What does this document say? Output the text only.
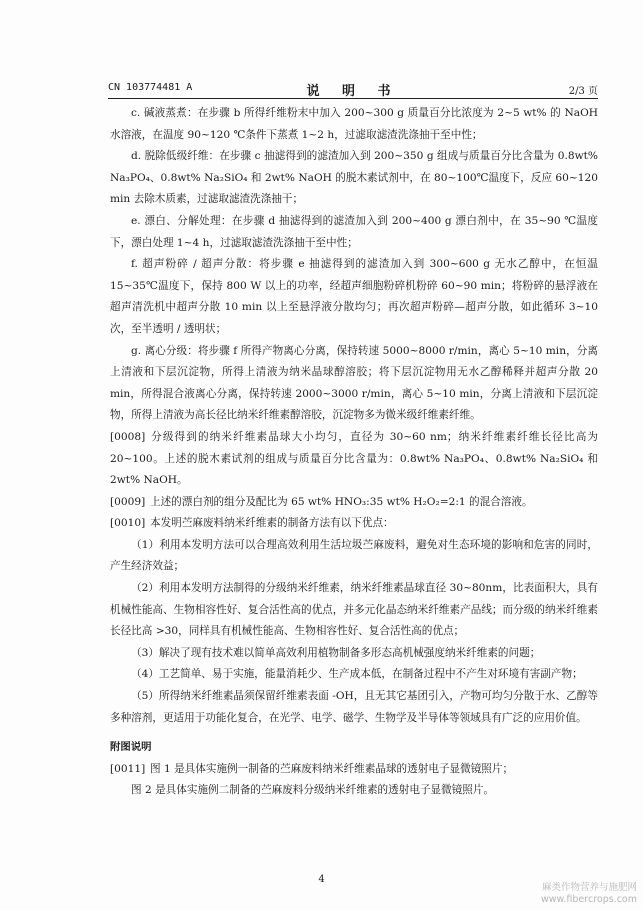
CN 103774481 A	说 明 书	2/3 页

c. 碱液蒸煮：在步骤 b 所得纤维粉末中加入 200~300 g 质量百分比浓度为 2~5 wt% 的 NaOH 水溶液，在温度 90~120 ℃条件下蒸煮 1~2 h，过滤取滤渣洗涤抽干至中性；

d. 脱除低级纤维：在步骤 c 抽滤得到的滤渣加入到 200~350 g 组成与质量百分比含量为 0.8wt% Na₃PO₄、0.8wt% Na₂SiO₄ 和 2wt% NaOH 的脱木素试剂中，在 80~100℃温度下，反应 60~120 min 去除木质素，过滤取滤渣洗涤抽干；

e. 漂白、分解处理：在步骤 d 抽滤得到的滤渣加入到 200~400 g 漂白剂中，在 35~90 ℃温度下，漂白处理 1~4 h，过滤取滤渣洗涤抽干至中性；

f. 超声粉碎 / 超声分散：将步骤 e 抽滤得到的滤渣加入到 300~600 g 无水乙醇中，在恒温 15~35℃温度下，保持 800 W 以上的功率，经超声细胞粉碎机粉碎 60~90 min；将粉碎的悬浮液在超声清洗机中超声分散 10 min 以上至悬浮液分散均匀；再次超声粉碎—超声分散，如此循环 3~10 次，至半透明 / 透明状；

g. 离心分级：将步骤 f 所得产物离心分离，保持转速 5000~8000 r/min，离心 5~10 min，分离上清液和下层沉淀物，所得上清液为纳米晶球醇溶胶；将下层沉淀物用无水乙醇稀释并超声分散 20 min，所得混合液离心分离，保持转速 2000~3000 r/min，离心 5~10 min，分离上清液和下层沉淀物，所得上清液为高长径比纳米纤维素醇溶胶，沉淀物多为微米级纤维素纤维。

[0008] 分级得到的纳米纤维素晶球大小均匀，直径为 30~60 nm；纳米纤维素纤维长径比高为 20~100。上述的脱木素试剂的组成与质量百分比含量为：0.8wt% Na₃PO₄、0.8wt% Na₂SiO₄ 和 2wt% NaOH。

[0009] 上述的漂白剂的组分及配比为 65 wt% HNO₃:35 wt% H₂O₂=2:1 的混合溶液。

[0010] 本发明苎麻废料纳米纤维素的制备方法有以下优点：

（1）利用本发明方法可以合理高效利用生活垃圾苎麻废料，避免对生态环境的影响和危害的同时，产生经济效益；

（2）利用本发明方法制得的分级纳米纤维素，纳米纤维素晶球直径 30~80nm，比表面积大，具有机械性能高、生物相容性好、复合活性高的优点，并多元化晶态纳米纤维素产品线；而分级的纳米纤维素长径比高 >30，同样具有机械性能高、生物相容性好、复合活性高的优点；

（3）解决了现有技术难以简单高效利用植物制备多形态高机械强度纳米纤维素的问题；

（4）工艺简单、易于实施，能量消耗少、生产成本低，在制备过程中不产生对环境有害副产物；

（5）所得纳米纤维素晶须保留纤维素表面 -OH，且无其它基团引入，产物可均匀分散于水、乙醇等多种溶剂，更适用于功能化复合，在光学、电学、磁学、生物学及半导体等领域具有广泛的应用价值。

附图说明

[0011] 图 1 是具体实施例一制备的苎麻废料纳米纤维素晶球的透射电子显微镜照片；

图 2 是具体实施例二制备的苎麻废料分级纳米纤维素的透射电子显微镜照片。

4
麻类作物营养与施肥网
www.fibercrops.com
